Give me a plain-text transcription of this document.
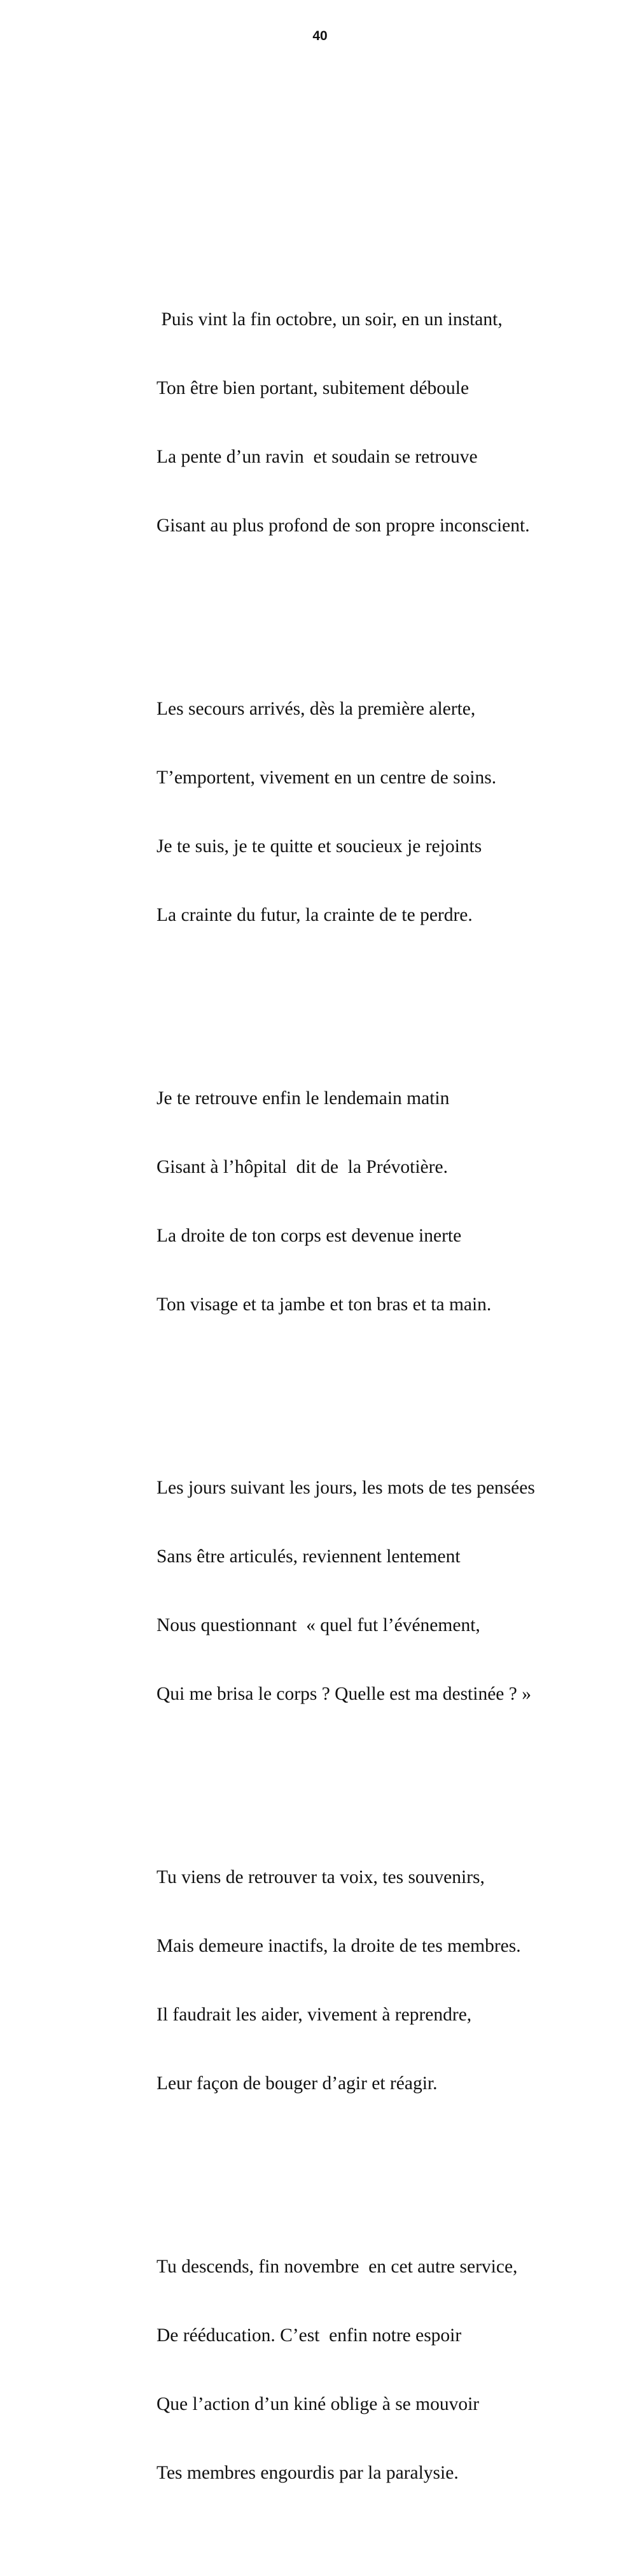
40

Puis vint la fin octobre, un soir, en un instant,

Ton être bien portant, subitement déboule

La pente d’un ravin  et soudain se retrouve

Gisant au plus profond de son propre inconscient.

Les secours arrivés, dès la première alerte,

T’emportent, vivement en un centre de soins.

Je te suis, je te quitte et soucieux je rejoints

La crainte du futur, la crainte de te perdre.

Je te retrouve enfin le lendemain matin

Gisant à l’hôpital  dit de  la Prévotière.

La droite de ton corps est devenue inerte

Ton visage et ta jambe et ton bras et ta main.

Les jours suivant les jours, les mots de tes pensées

Sans être articulés, reviennent lentement

Nous questionnant  « quel fut l’événement,

Qui me brisa le corps ? Quelle est ma destinée ? »

Tu viens de retrouver ta voix, tes souvenirs,

Mais demeure inactifs, la droite de tes membres.

Il faudrait les aider, vivement à reprendre,

Leur façon de bouger d’agir et réagir.

Tu descends, fin novembre  en cet autre service,

De rééducation. C’est  enfin notre espoir

Que l’action d’un kiné oblige à se mouvoir

Tes membres engourdis par la paralysie.
